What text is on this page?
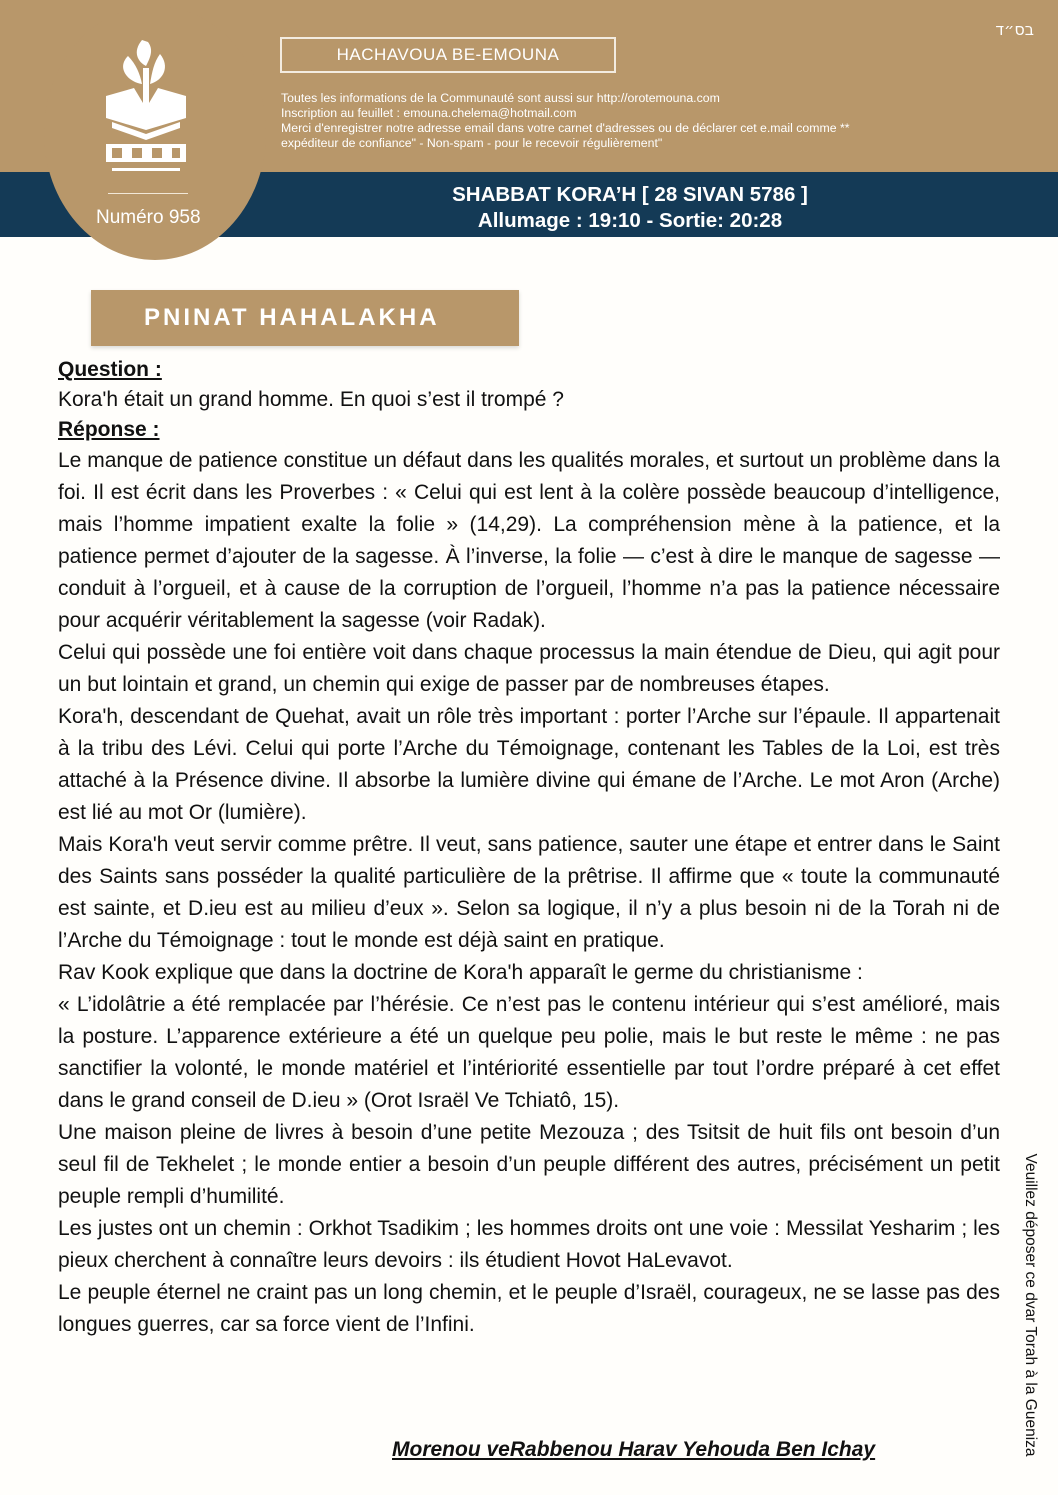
בס״ד
HACHAVOUA BE-EMOUNA
Toutes les informations de la Communauté sont aussi sur http://orotemouna.com
Inscription au feuillet : emouna.chelema@hotmail.com
Merci d'enregistrer notre adresse email dans votre carnet d'adresses ou de déclarer cet e.mail comme **
expéditeur de confiance" - Non-spam - pour le recevoir régulièrement"
SHABBAT KORA’H [ 28 SIVAN 5786 ]
Allumage : 19:10 - Sortie: 20:28
Numéro 958
PNINAT HAHALAKHA

Question :

Kora'h était un grand homme. En quoi s’est il trompé ?

Réponse :

Le manque de patience constitue un défaut dans les qualités morales, et surtout un problème dans la foi. Il est écrit dans les Proverbes : « Celui qui est lent à la colère possède beaucoup d’intelligence, mais l’homme impatient exalte la folie » (14,29). La compréhension mène à la patience, et la patience permet d’ajouter de la sagesse. À l’inverse, la folie — c’est à dire le manque de sagesse — conduit à l’orgueil, et à cause de la corruption de l’orgueil, l’homme n’a pas la patience nécessaire pour acquérir véritablement la sagesse (voir Radak).

Celui qui possède une foi entière voit dans chaque processus la main étendue de Dieu, qui agit pour un but lointain et grand, un chemin qui exige de passer par de nombreuses étapes.

Kora'h, descendant de Quehat, avait un rôle très important : porter l’Arche sur l’épaule. Il appartenait à la tribu des Lévi. Celui qui porte l’Arche du Témoignage, contenant les Tables de la Loi, est très attaché à la Présence divine. Il absorbe la lumière divine qui émane de l’Arche. Le mot Aron (Arche) est lié au mot Or (lumière).

Mais Kora'h veut servir comme prêtre. Il veut, sans patience, sauter une étape et entrer dans le Saint des Saints sans posséder la qualité particulière de la prêtrise. Il affirme que « toute la communauté est sainte, et D.ieu est au milieu d’eux ». Selon sa logique, il n’y a plus besoin ni de la Torah ni de l’Arche du Témoignage : tout le monde est déjà saint en pratique.

Rav Kook explique que dans la doctrine de Kora'h apparaît le germe du christianisme :

« L’idolâtrie a été remplacée par l’hérésie. Ce n’est pas le contenu intérieur qui s’est amélioré, mais la posture. L’apparence extérieure a été un quelque peu polie, mais le but reste le même : ne pas sanctifier la volonté, le monde matériel et l’intériorité essentielle par tout l’ordre préparé à cet effet dans le grand conseil de D.ieu » (Orot Israël Ve Tchiatô, 15).

Une maison pleine de livres à besoin d’une petite Mezouza ; des Tsitsit de huit fils ont besoin d’un seul fil de Tekhelet ; le monde entier a besoin d’un peuple différent des autres, précisément un petit peuple rempli d’humilité.

Les justes ont un chemin : Orkhot Tsadikim ; les hommes droits ont une voie : Messilat Yesharim ; les pieux cherchent à connaître leurs devoirs : ils étudient Hovot HaLevavot.

Le peuple éternel ne craint pas un long chemin, et le peuple d’Israël, courageux, ne se lasse pas des longues guerres, car sa force vient de l’Infini.

Morenou veRabbenou Harav Yehouda Ben Ichay	Veuillez déposer ce dvar Torah à la Guenizа
